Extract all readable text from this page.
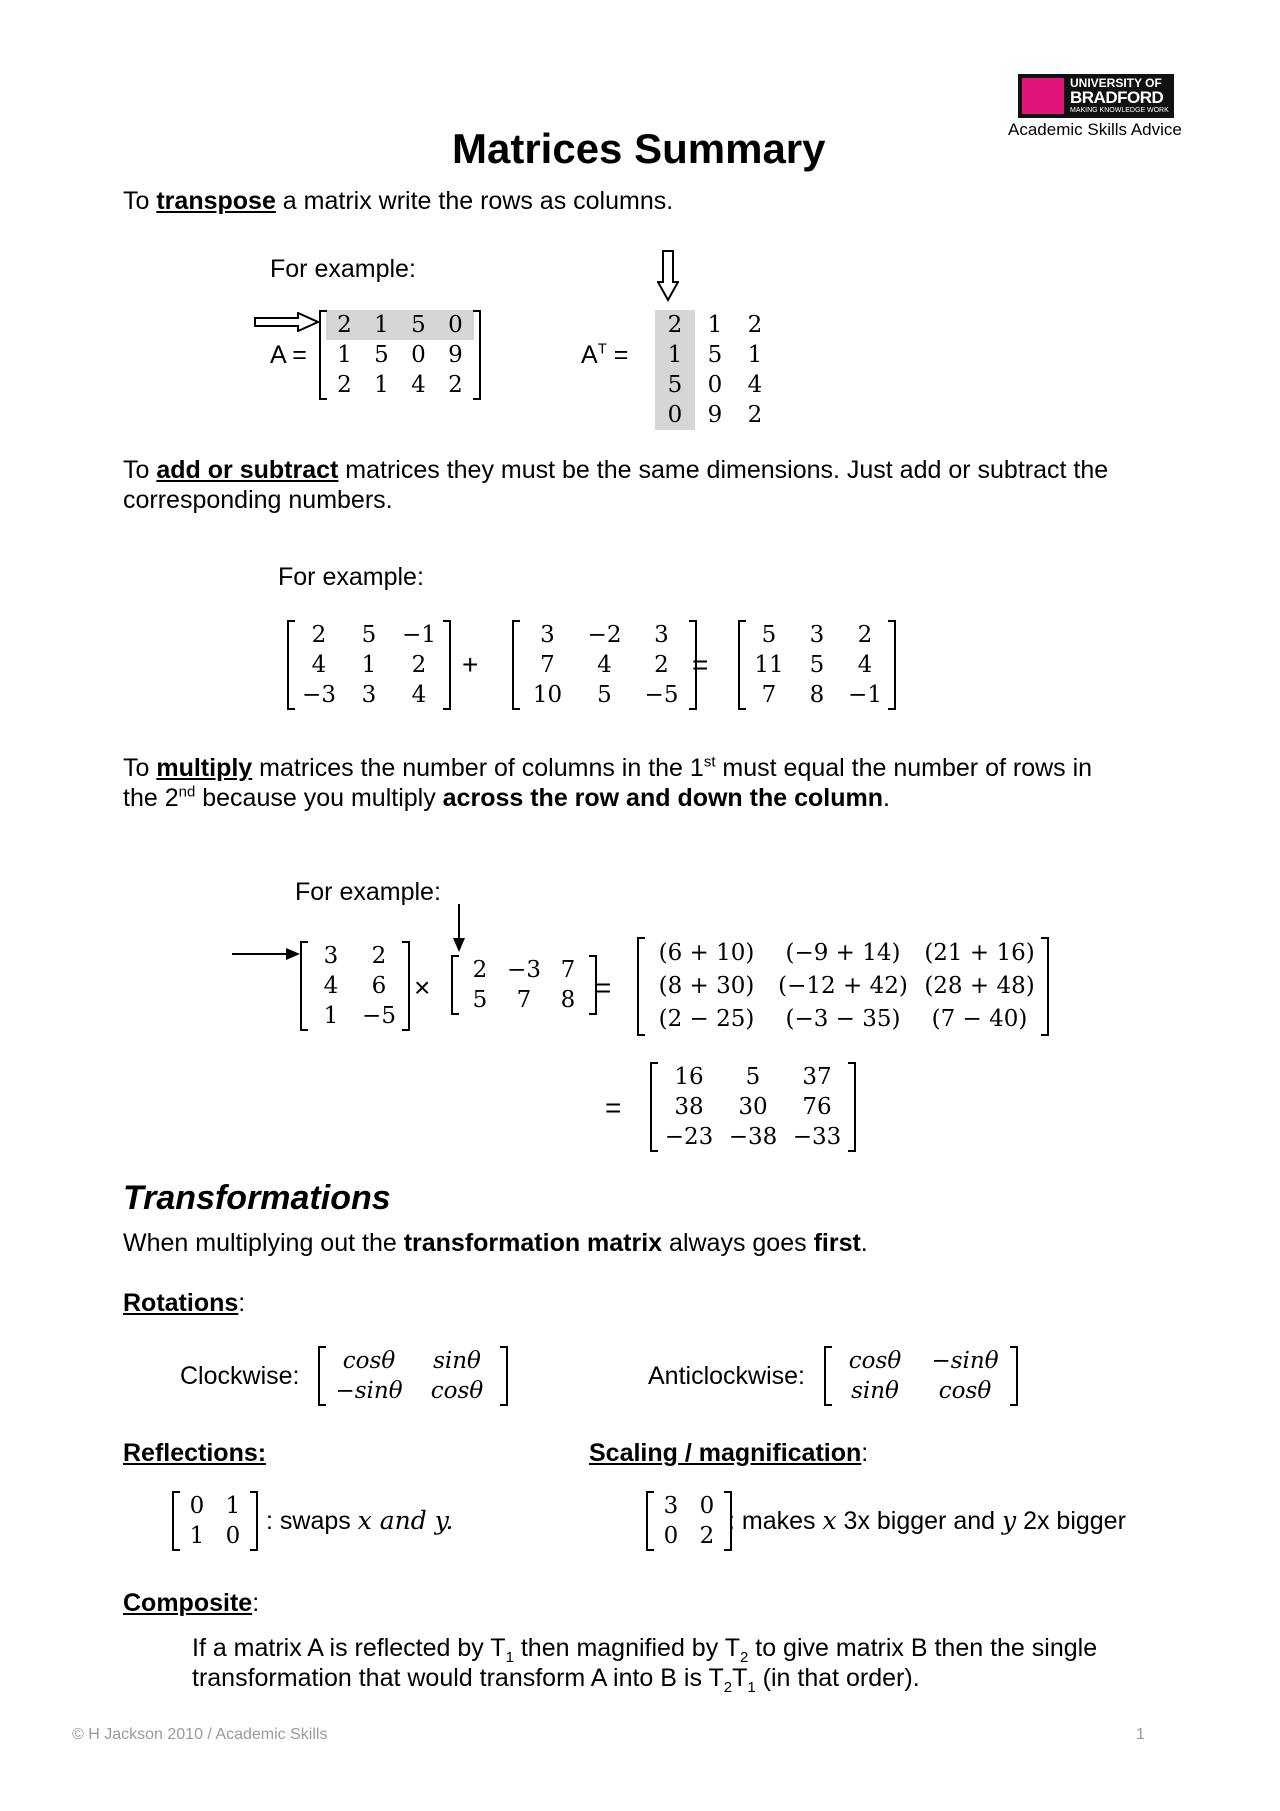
UNIVERSITY OF
BRADFORD
MAKING KNOWLEDGE WORK
Academic Skills Advice
Matrices Summary
To transpose a matrix write the rows as columns.
For example:
A =
2 1 5 0
1 5 0 9
2 1 4 2
$A^T$ =
2	1	2
1	5	1
5	0	4
0	9	2
To add or subtract matrices they must be the same dimensions. Just add or subtract the
corresponding numbers.
For example:
2	5	−1
4	1	2
−3	3	4
+
3	−2	3
7	4	2
10	5	−5
=
5	3	2
11	5	4
7	8	−1
To multiply matrices the number of columns in the 1st must equal the number of rows in
the 2nd because you multiply across the row and down the column.
For example:
3	2
4	6
1	−5
×
2 −3 7
5	7	8 =
(6 + 10)	(−9 + 14)	(21 + 16)
(8 + 30)	(−12 + 42) (28 + 48)
(2 − 25)	(−3 − 35)	(7 − 40)
=
16	5	37
38	30	76
−23 −38 −33
Transformations
When multiplying out the transformation matrix always goes first.
Rotations:
Clockwise:
cosθ	sinθ
−sinθ	cosθ
Anticlockwise:
cosθ	−sinθ
sinθ	cosθ
Reflections:
0 1
1 0
: swaps x and y.
Scaling / magnification:
3 0
0 2
: makes x 3x bigger and y 2x bigger
Composite:
If a matrix A is reflected by $T_1$ then magnified by $T_2$ to give matrix B then the single
transformation that would transform A into B is $T_2T_1$ (in that order).
© H Jackson 2010 / Academic Skills	1
